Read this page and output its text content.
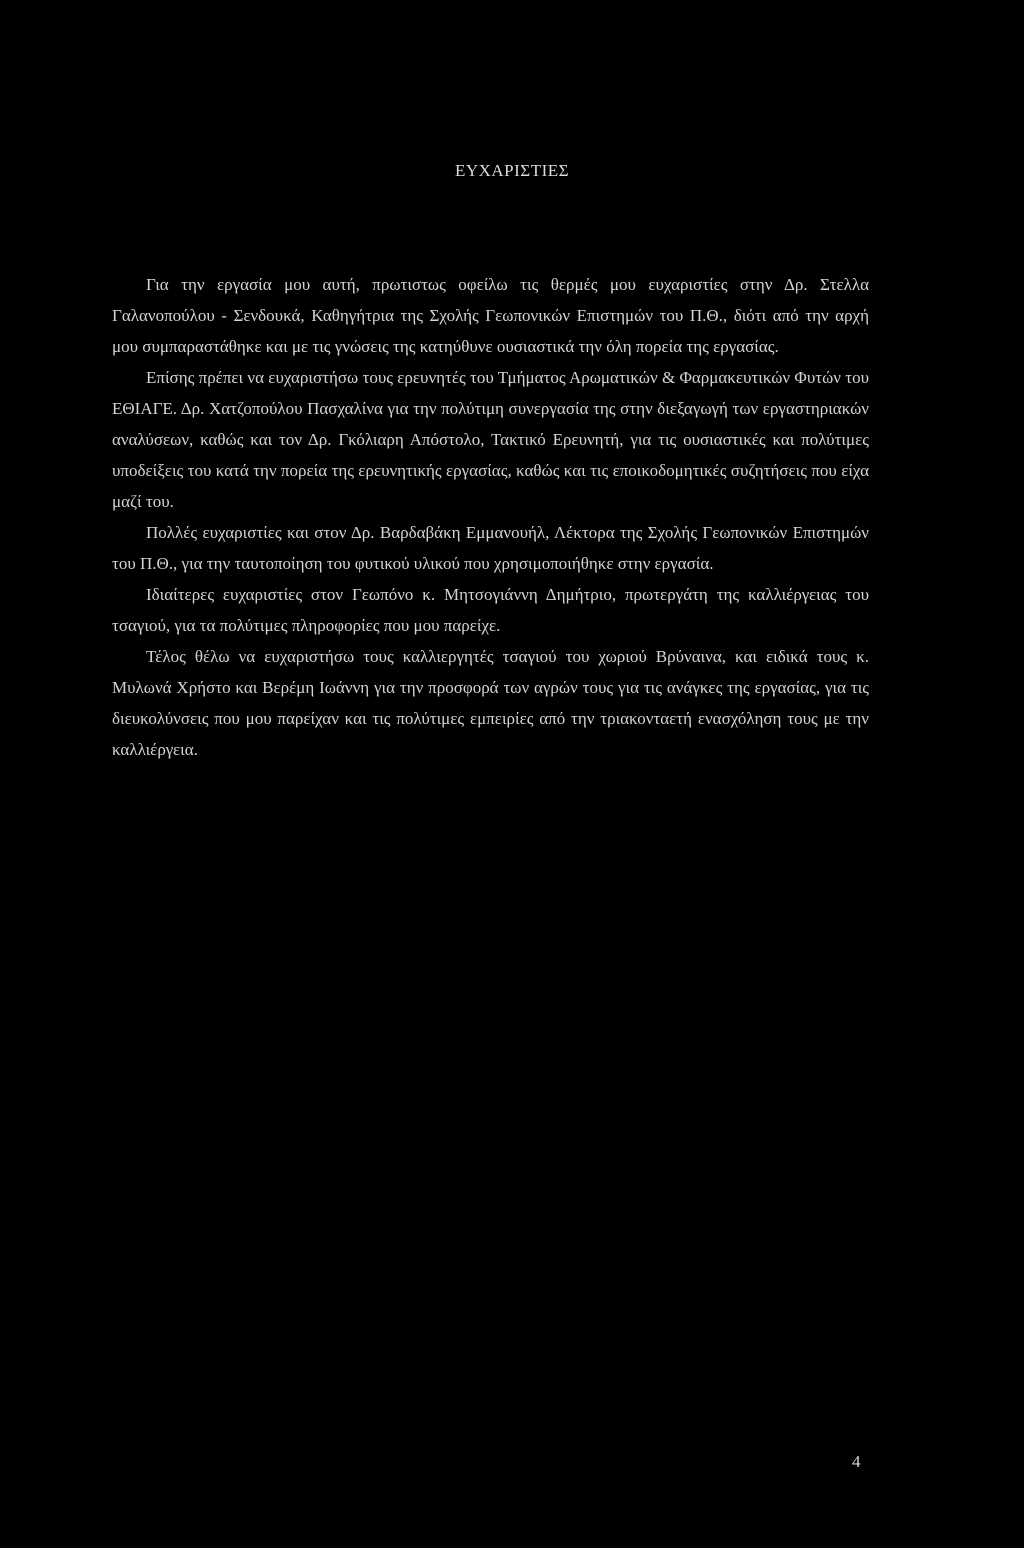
ΕΥΧΑΡΙΣΤΙΕΣ

Για την εργασία μου αυτή, πρωτιστως οφείλω τις θερμές μου ευχαριστίες στην Δρ. Στελλα Γαλανοπούλου - Σενδουκά, Καθηγήτρια της Σχολής Γεωπονικών Επιστημών του Π.Θ., διότι από την αρχή μου συμπαραστάθηκε και με τις γνώσεις της κατηύθυνε ουσιαστικά την όλη πορεία της εργασίας.

Επίσης πρέπει να ευχαριστήσω τους ερευνητές του Τμήματος Αρωματικών & Φαρμακευτικών Φυτών του ΕΘΙΑΓΕ. Δρ. Χατζοπούλου Πασχαλίνα για την πολύτιμη συνεργασία της στην διεξαγωγή των εργαστηριακών αναλύσεων, καθώς και τον Δρ. Γκόλιαρη Απόστολο, Τακτικό Ερευνητή, για τις ουσιαστικές και πολύτιμες υποδείξεις του κατά την πορεία της ερευνητικής εργασίας, καθώς και τις εποικοδομητικές συζητήσεις που είχα μαζί του.

Πολλές ευχαριστίες και στον Δρ. Βαρδαβάκη Εμμανουήλ, Λέκτορα της Σχολής Γεωπονικών Επιστημών του Π.Θ., για την ταυτοποίηση του φυτικού υλικού που χρησιμοποιήθηκε στην εργασία.

Ιδιαίτερες ευχαριστίες στον Γεωπόνο κ. Μητσογιάννη Δημήτριο, πρωτεργάτη της καλλιέργειας του τσαγιού, για τα πολύτιμες πληροφορίες που μου παρείχε.

Τέλος θέλω να ευχαριστήσω τους καλλιεργητές τσαγιού του χωριού Βρύναινα, και ειδικά τους κ. Μυλωνά Χρήστο και Βερέμη Ιωάννη για την προσφορά των αγρών τους για τις ανάγκες της εργασίας, για τις διευκολύνσεις που μου παρείχαν και τις πολύτιμες εμπειρίες από την τριακονταετή ενασχόληση τους με την καλλιέργεια.

4
